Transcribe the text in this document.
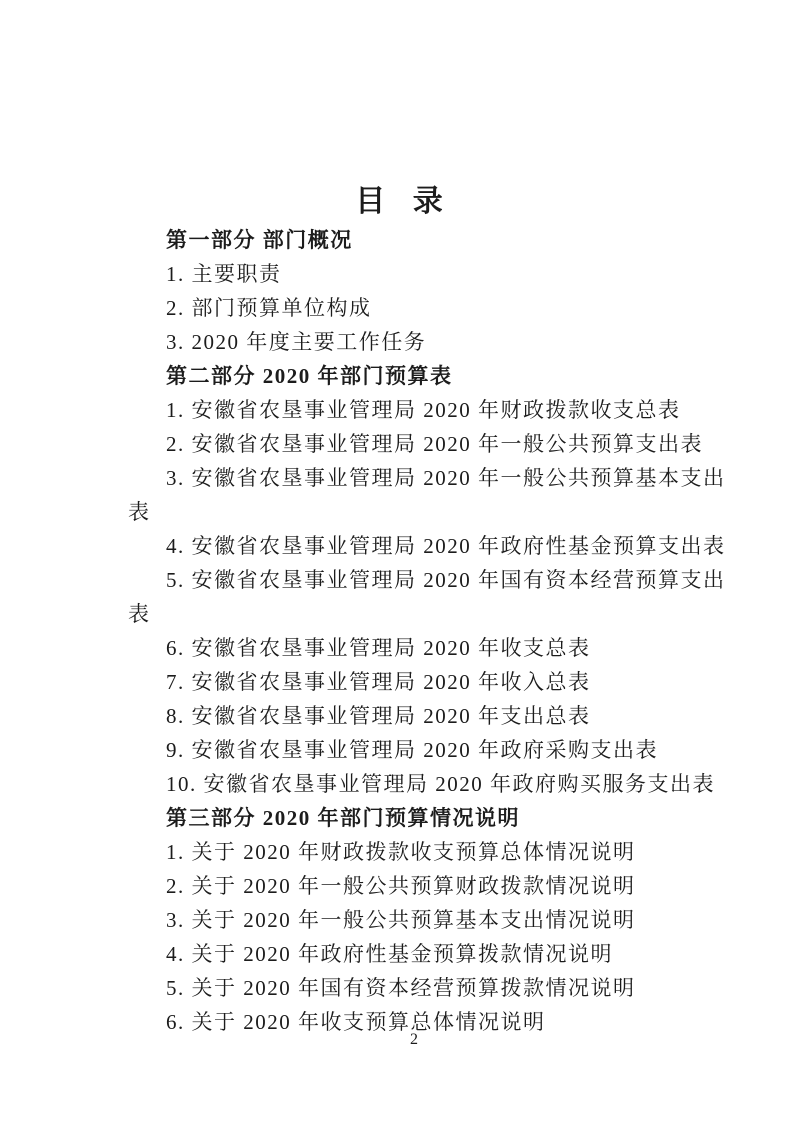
目 录
第一部分 部门概况
1. 主要职责
2. 部门预算单位构成
3. 2020 年度主要工作任务
第二部分 2020 年部门预算表
1. 安徽省农垦事业管理局 2020 年财政拨款收支总表
2. 安徽省农垦事业管理局 2020 年一般公共预算支出表
3. 安徽省农垦事业管理局 2020 年一般公共预算基本支出
表
4. 安徽省农垦事业管理局 2020 年政府性基金预算支出表
5. 安徽省农垦事业管理局 2020 年国有资本经营预算支出
表
6. 安徽省农垦事业管理局 2020 年收支总表
7. 安徽省农垦事业管理局 2020 年收入总表
8. 安徽省农垦事业管理局 2020 年支出总表
9. 安徽省农垦事业管理局 2020 年政府采购支出表
10. 安徽省农垦事业管理局 2020 年政府购买服务支出表
第三部分 2020 年部门预算情况说明
1. 关于 2020 年财政拨款收支预算总体情况说明
2. 关于 2020 年一般公共预算财政拨款情况说明
3. 关于 2020 年一般公共预算基本支出情况说明
4. 关于 2020 年政府性基金预算拨款情况说明
5. 关于 2020 年国有资本经营预算拨款情况说明
6. 关于 2020 年收支预算总体情况说明
2
